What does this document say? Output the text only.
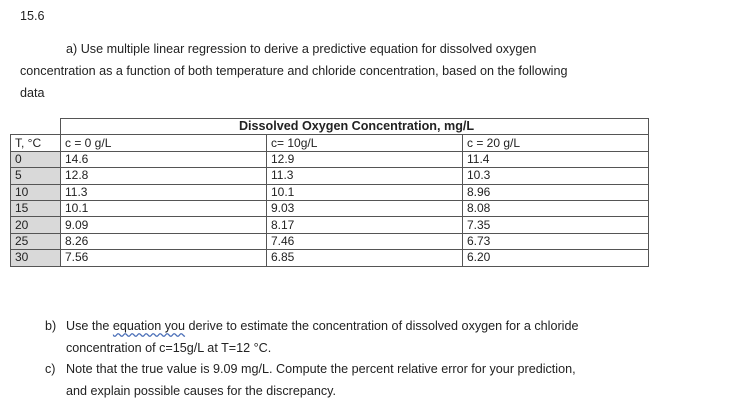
15.6
a) Use multiple linear regression to derive a predictive equation for dissolved oxygen
concentration as a function of both temperature and chloride concentration, based on the following
data
	Dissolved Oxygen Concentration, mg/L		
T, °C	c = 0 g/L	c= 10g/L	c = 20 g/L
0	14.6	12.9	11.4
5	12.8	11.3	10.3
10	11.3	10.1	8.96
15	10.1	9.03	8.08
20	9.09	8.17	7.35
25	8.26	7.46	6.73
30	7.56	6.85	6.20
b) Use the equation you derive to estimate the concentration of dissolved oxygen for a chloride
concentration of c=15g/L at T=12 °C.
c) Note that the true value is 9.09 mg/L. Compute the percent relative error for your prediction,
and explain possible causes for the discrepancy.
